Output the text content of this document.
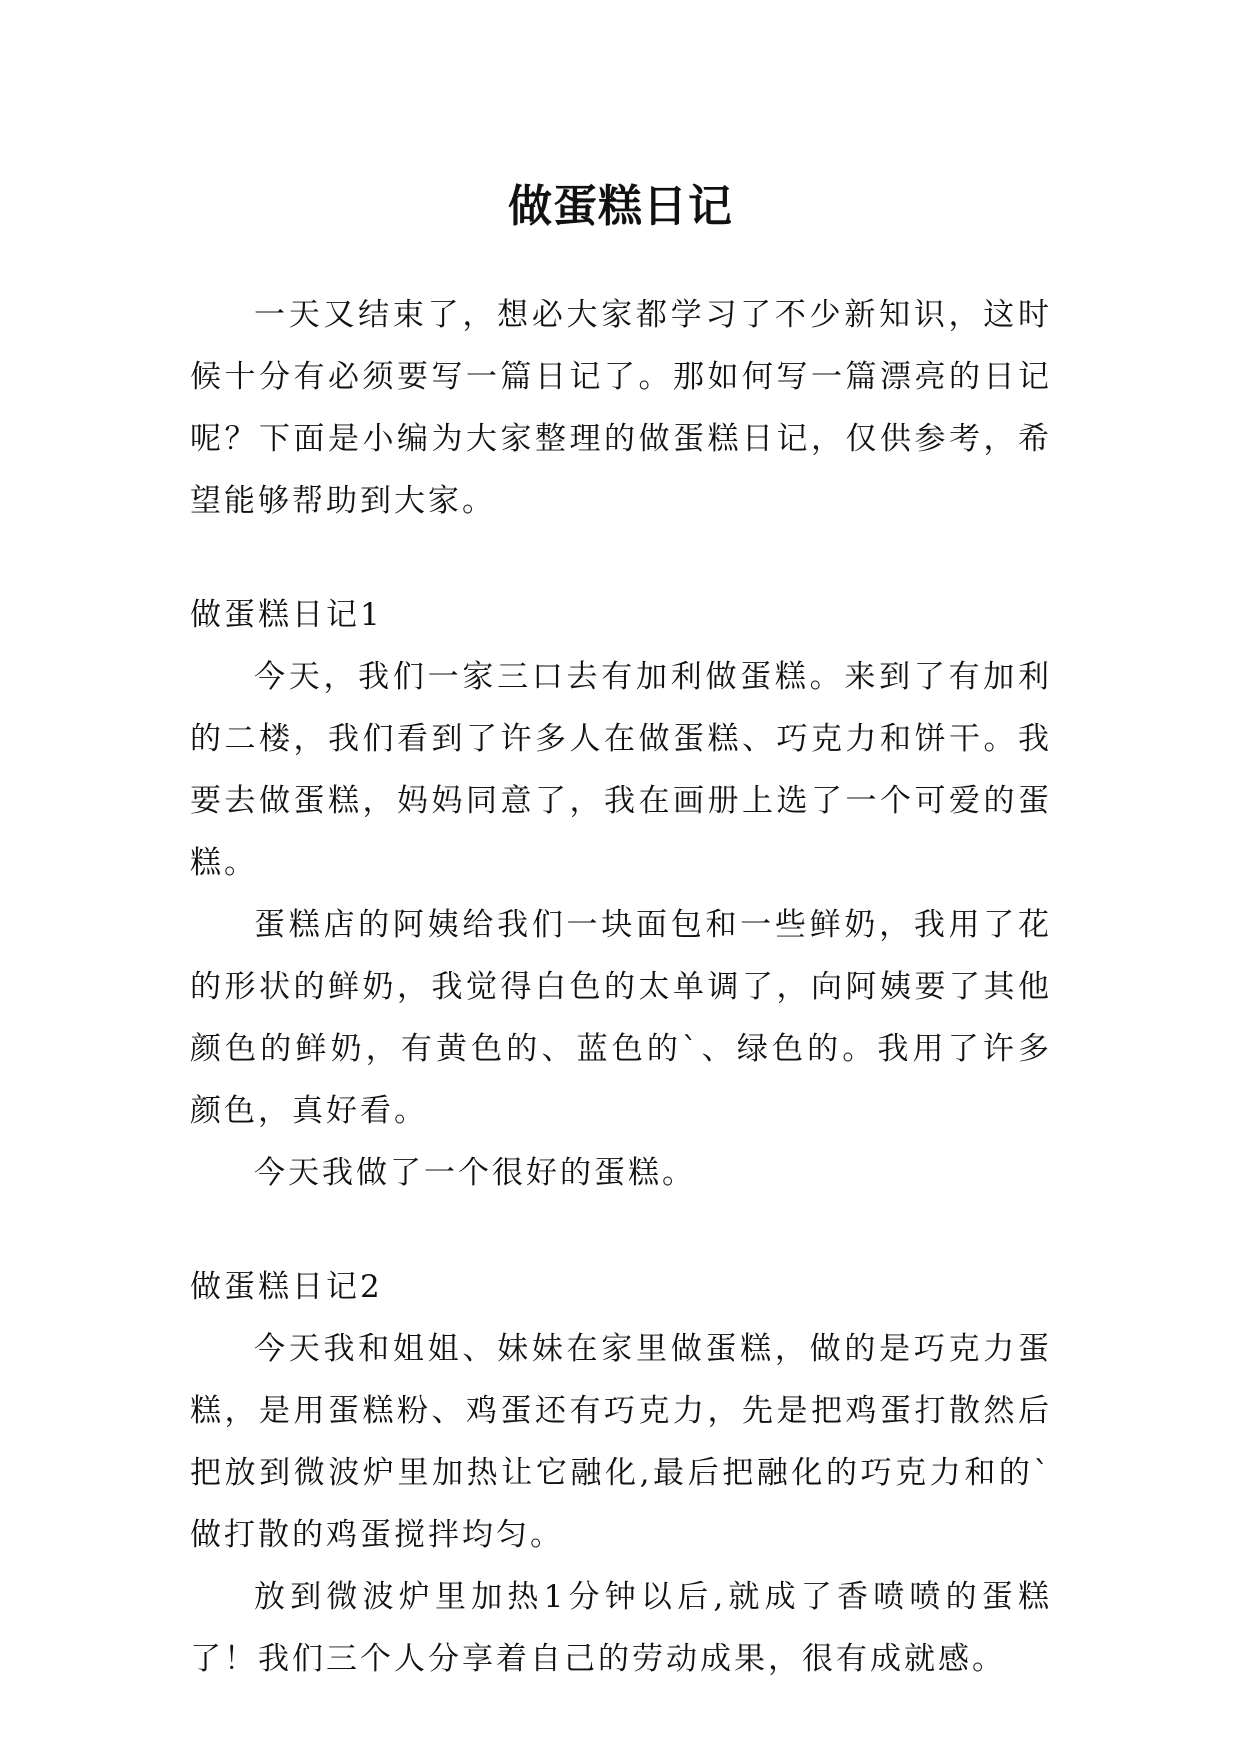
做蛋糕日记

一天又结束了，想必大家都学习了不少新知识，这时候十分有必须要写一篇日记了。那如何写一篇漂亮的日记呢？下面是小编为大家整理的做蛋糕日记，仅供参考，希望能够帮助到大家。

做蛋糕日记1

今天，我们一家三口去有加利做蛋糕。来到了有加利的二楼，我们看到了许多人在做蛋糕、巧克力和饼干。我要去做蛋糕，妈妈同意了，我在画册上选了一个可爱的蛋糕。

蛋糕店的阿姨给我们一块面包和一些鲜奶，我用了花的形状的鲜奶，我觉得白色的太单调了，向阿姨要了其他颜色的鲜奶，有黄色的、蓝色的`、绿色的。我用了许多颜色，真好看。

今天我做了一个很好的蛋糕。

做蛋糕日记2

今天我和姐姐、妹妹在家里做蛋糕，做的是巧克力蛋糕，是用蛋糕粉、鸡蛋还有巧克力，先是把鸡蛋打散然后把放到微波炉里加热让它融化,最后把融化的巧克力和的`做打散的鸡蛋搅拌均匀。

放到微波炉里加热1分钟以后,就成了香喷喷的蛋糕了！我们三个人分享着自己的劳动成果，很有成就感。
